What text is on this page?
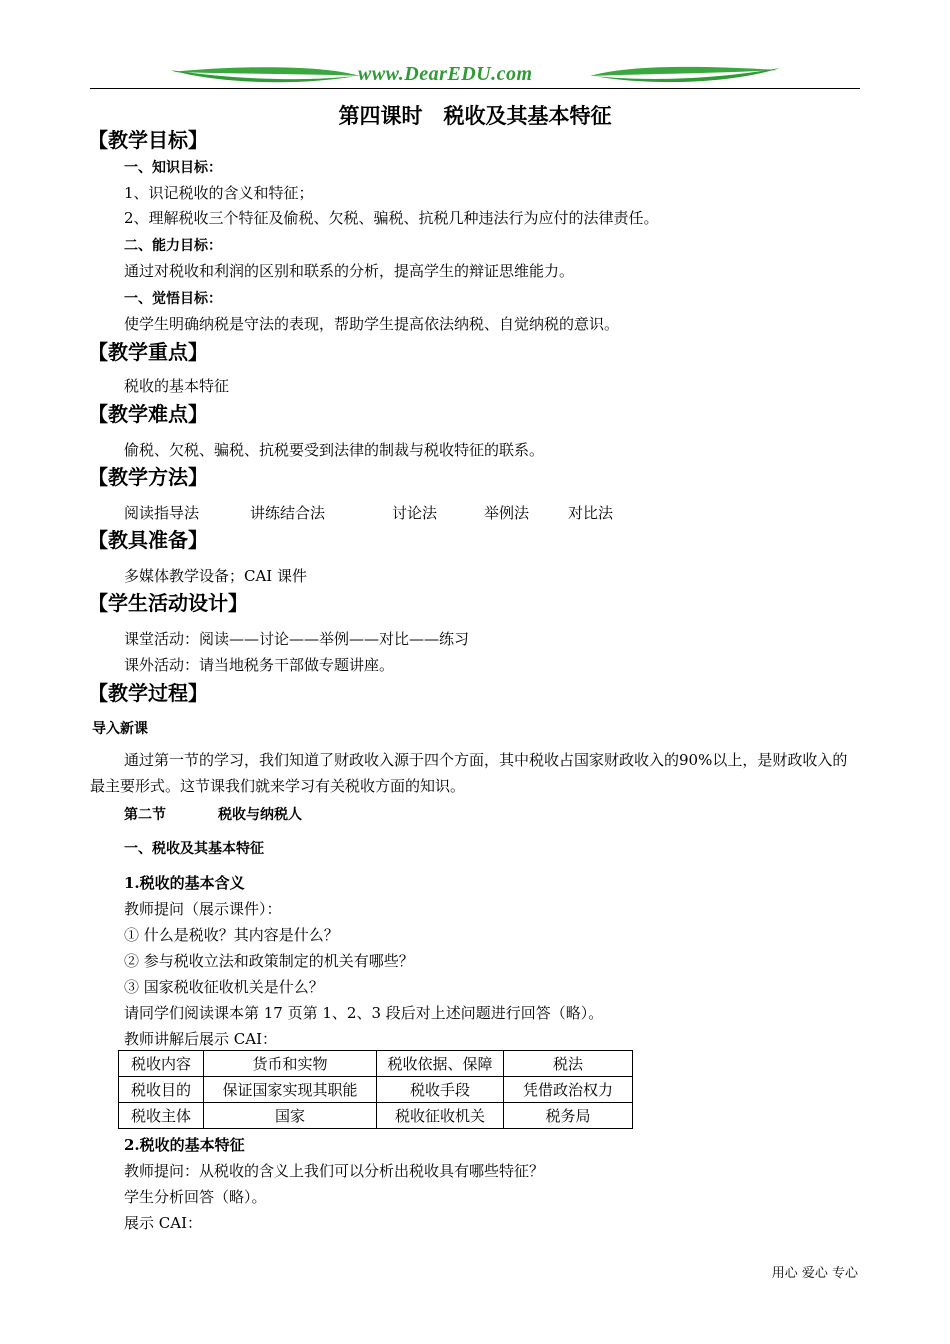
www.DearEDU.com
第四课时　税收及其基本特征
【教学目标】
一、知识目标：
1、识记税收的含义和特征；
2、理解税收三个特征及偷税、欠税、骗税、抗税几种违法行为应付的法律责任。
二、能力目标：
通过对税收和利润的区别和联系的分析，提高学生的辩证思维能力。
一、觉悟目标：
使学生明确纳税是守法的表现，帮助学生提高依法纳税、自觉纳税的意识。
【教学重点】
税收的基本特征
【教学难点】
偷税、欠税、骗税、抗税要受到法律的制裁与税收特征的联系。
【教学方法】
阅读指导法	讲练结合法	讨论法	举例法	对比法
【教具准备】
多媒体教学设备；CAI 课件
【学生活动设计】
课堂活动：阅读——讨论——举例——对比——练习
课外活动：请当地税务干部做专题讲座。
【教学过程】
导入新课
通过第一节的学习，我们知道了财政收入源于四个方面，其中税收占国家财政收入的90%以上，是财政收入的最主要形式。这节课我们就来学习有关税收方面的知识。
第二节	税收与纳税人
一、税收及其基本特征
1.税收的基本含义
教师提问（展示课件）：
① 什么是税收？其内容是什么？
② 参与税收立法和政策制定的机关有哪些？
③ 国家税收征收机关是什么？
请同学们阅读课本第 17 页第 1、2、3 段后对上述问题进行回答（略）。
教师讲解后展示 CAI：
税收内容	货币和实物	税收依据、保障	税法
税收目的	保证国家实现其职能	税收手段	凭借政治权力
税收主体	国家	税收征收机关	税务局
2.税收的基本特征
教师提问：从税收的含义上我们可以分析出税收具有哪些特征？
学生分析回答（略）。
展示 CAI：
用心 爱心 专心
